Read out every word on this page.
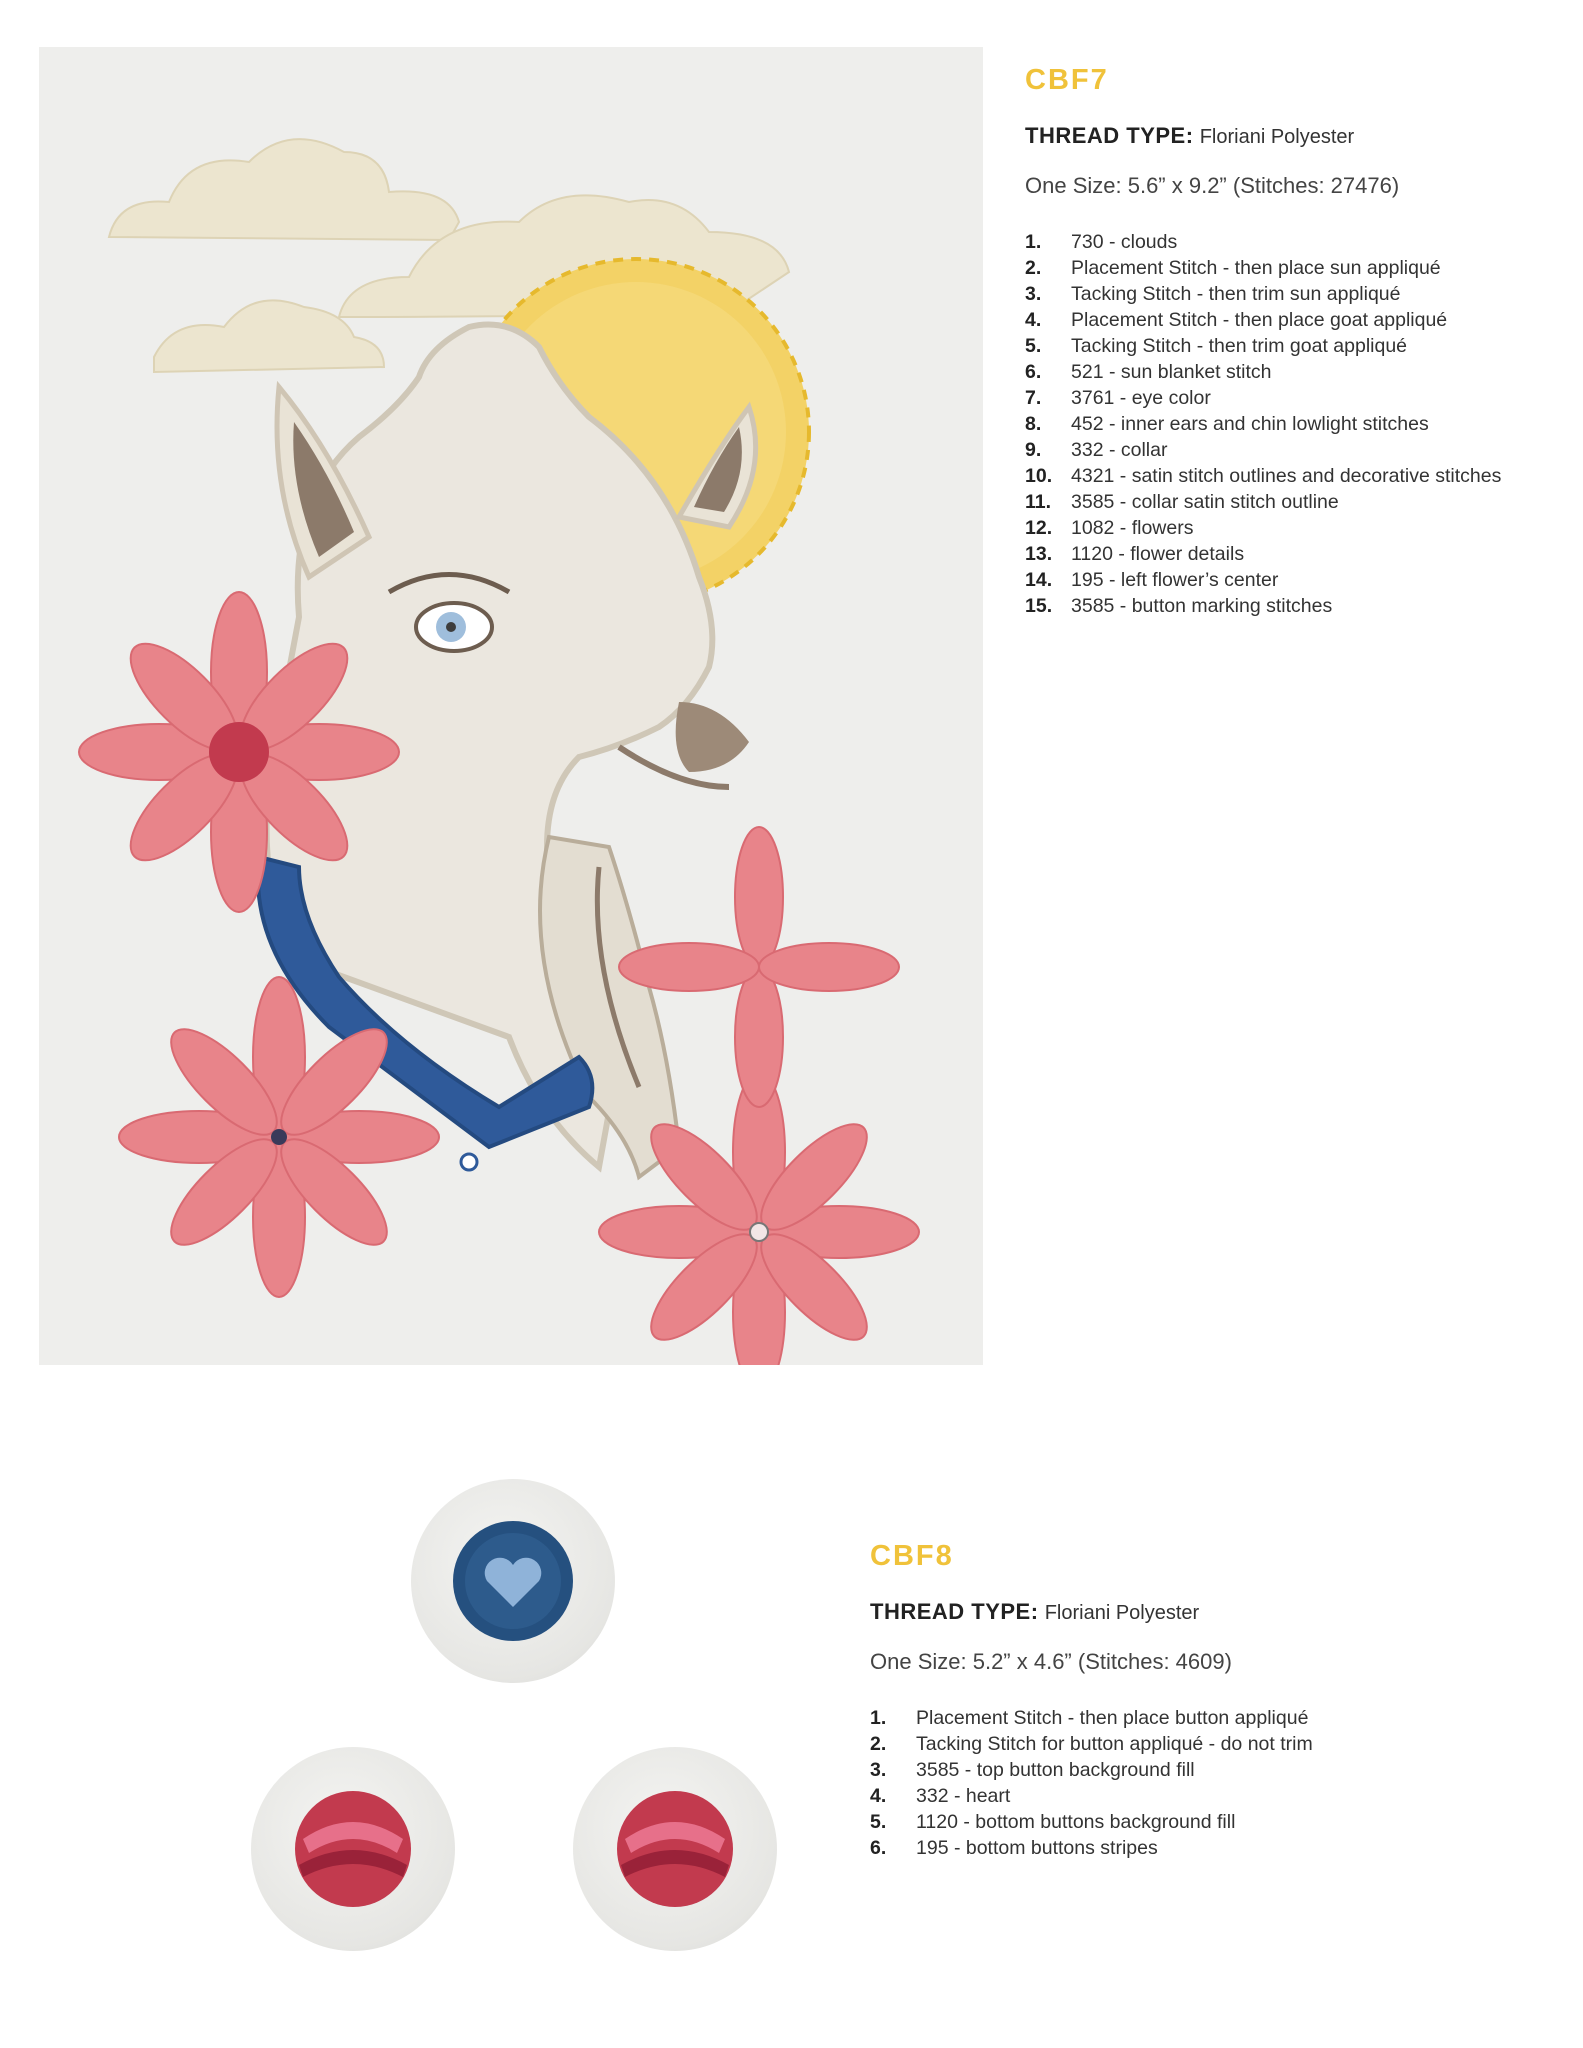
CBF7
THREAD TYPE: Floriani Polyester
One Size: 5.6” x 9.2” (Stitches: 27476)
1.	730 - clouds
2.	Placement Stitch - then place sun appliqué
3.	Tacking Stitch - then trim sun appliqué
4.	Placement Stitch - then place goat appliqué
5.	Tacking Stitch - then trim goat appliqué
6.	521 - sun blanket stitch
7.	3761 - eye color
8.	452 - inner ears and chin lowlight stitches
9.	332 - collar
10. 4321 - satin stitch outlines and decorative stitches
11.	3585 - collar satin stitch outline
12. 1082 - flowers
13. 1120 - flower details
14. 195 - left flower’s center
15. 3585 - button marking stitches
CBF8
THREAD TYPE: Floriani Polyester
One Size: 5.2” x 4.6” (Stitches: 4609)
1.	Placement Stitch - then place button appliqué
2.	Tacking Stitch for button appliqué - do not trim
3.	3585 - top button background fill
4.	332 - heart
5.	1120 - bottom buttons background fill
6.	195 - bottom buttons stripes
